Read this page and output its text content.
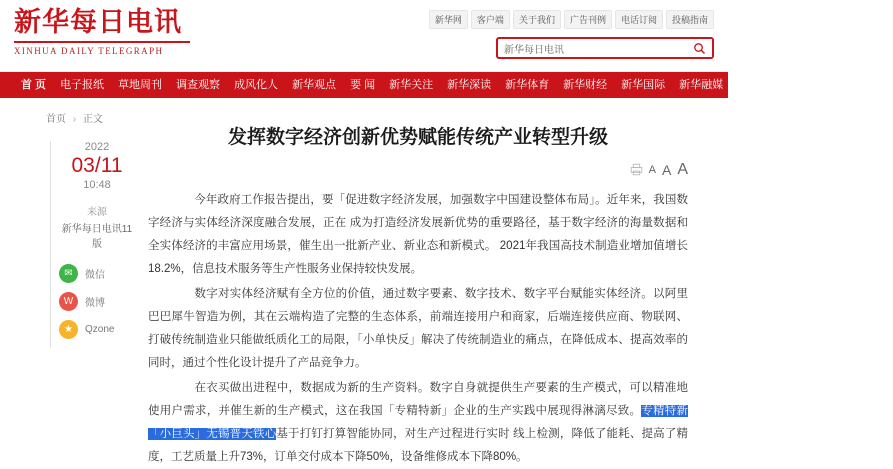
新华每日电讯
XINHUA DAILY TELEGRAPH
新华网	客户端	关于我们	广告刊例	电话订阅	投稿指南
新华每日电讯
首 页	电子报纸	草地周刊	调查观察	成风化人	新华观点	要 闻	新华关注	新华深读	新华体育	新华财经	新华国际	新华融媒	精彩专题	医卫健康	看天下
首页 › 正文
2022
03/11
10:48
来源
新华每日电讯11版
✉	微信
W	微博
★	Qzone
发挥数字经济创新优势赋能传统产业转型升级
A A A

　　今年政府工作报告提出，要「促进数字经济发展，加强数字中国建设整体布局」。近年来，我国数字经济与实体经济深度融合发展，正在 成为打造经济发展新优势的重要路径，基于数字经济的海量数据和全实体经济的丰富应用场景，催生出一批新产业、新业态和新模式。 2021年我国高技术制造业增加值增长18.2%，信息技术服务等生产性服务业保持较快发展。

　　数字对实体经济赋有全方位的价值，通过数字要素、数字技术、数字平台赋能实体经济。以阿里巴巴犀牛智造为例，其在云端构造了完整的生态体系，前端连接用户和商家，后端连接供应商、物联网、打破传统制造业只能做纸质化工的局限，「小单快反」解决了传统制造业的痛点，在降低成本、提高效率的同时，通过个性化设计提升了产品竞争力。

　　在衣买做出进程中，数据成为新的生产资料。数字自身就提供生产要素的生产模式，可以精准地使用户需求，并催生新的生产模式，这在我国「专精特新」企业的生产实践中展现得淋漓尽致。专精特新「小巨头」无锡普天铁心基于打钉打算智能协同，对生产过程进行实时 线上检测，降低了能耗、提高了精度，工艺质量上升73%，订单交付成本下降50%，设备维修成本下降80%。
